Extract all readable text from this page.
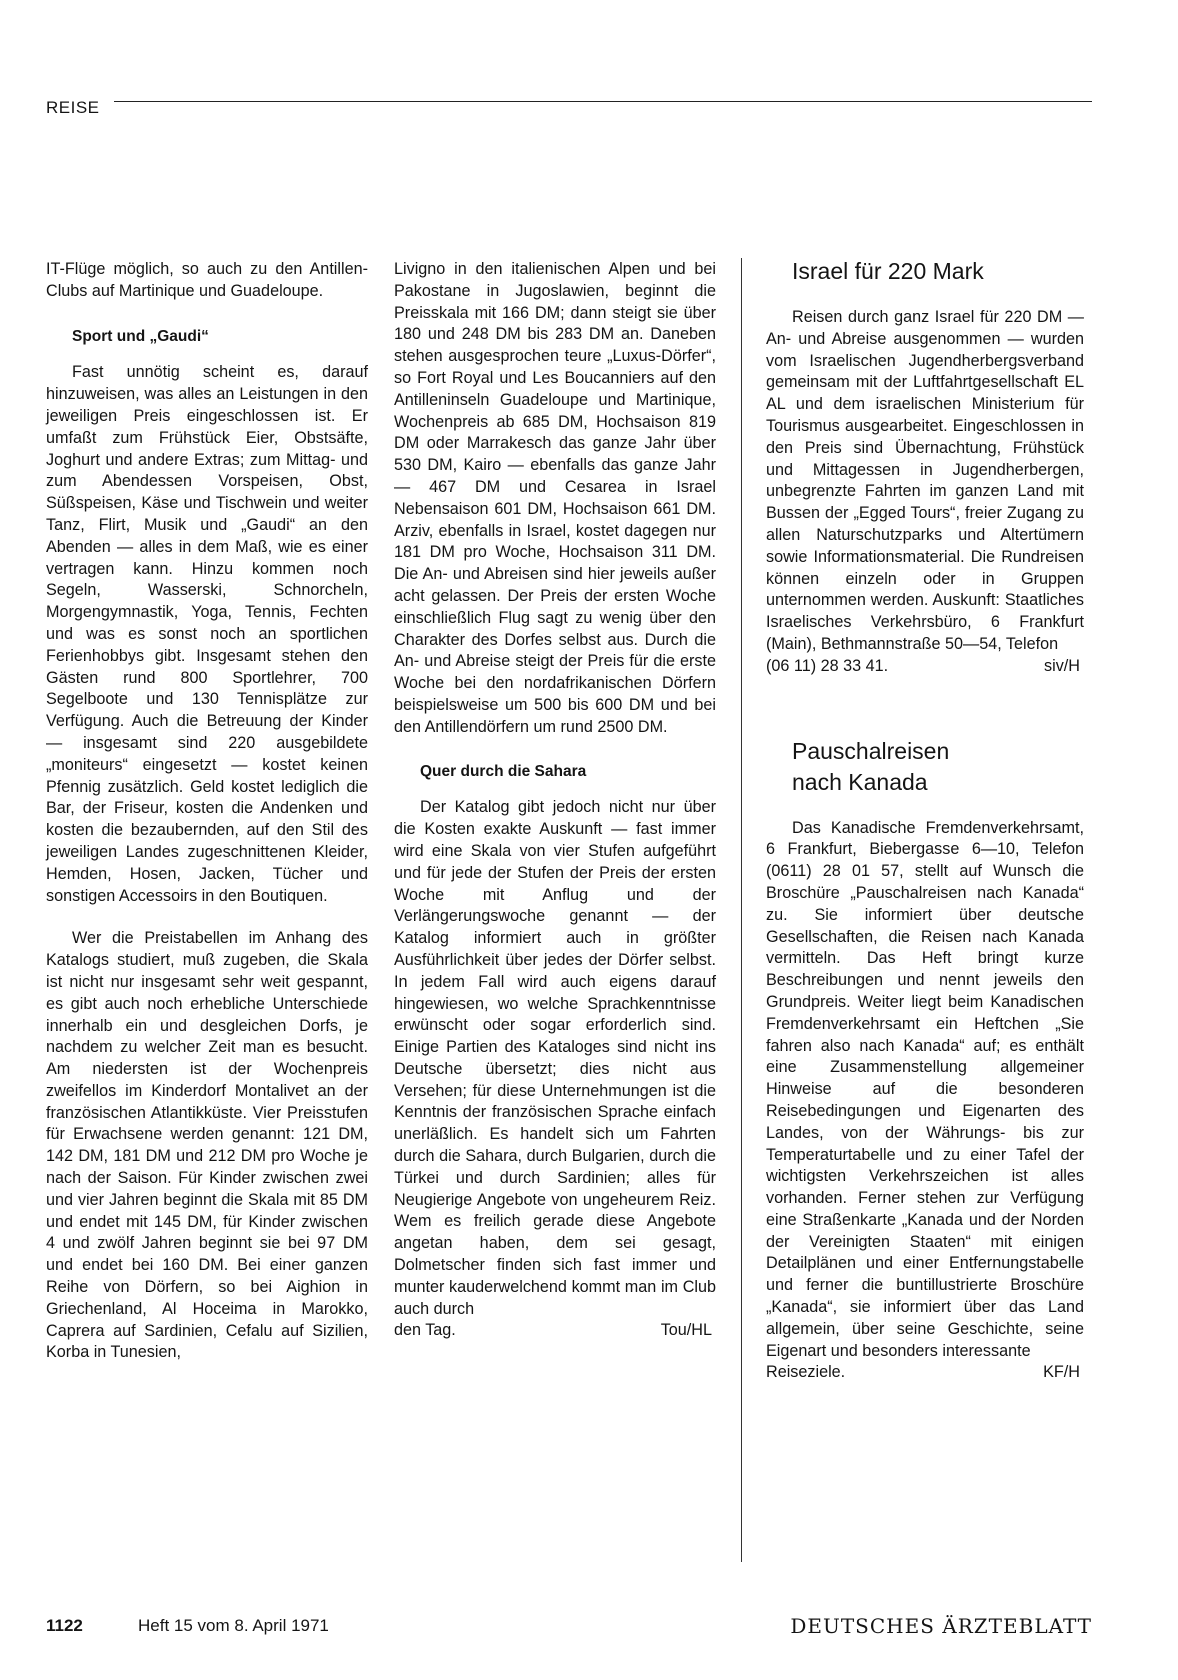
REISE

IT-Flüge möglich, so auch zu den Antillen-Clubs auf Martinique und Guadeloupe.

Sport und „Gaudi“

Fast unnötig scheint es, darauf hinzuweisen, was alles an Leistungen in den jeweiligen Preis eingeschlossen ist. Er umfaßt zum Frühstück Eier, Obstsäfte, Joghurt und andere Extras; zum Mittag- und zum Abendessen Vorspeisen, Obst, Süßspeisen, Käse und Tischwein und weiter Tanz, Flirt, Musik und „Gaudi“ an den Abenden — alles in dem Maß, wie es einer vertragen kann. Hinzu kommen noch Segeln, Wasserski, Schnorcheln, Morgengymnastik, Yoga, Tennis, Fechten und was es sonst noch an sportlichen Ferienhobbys gibt. Insgesamt stehen den Gästen rund 800 Sportlehrer, 700 Segelboote und 130 Tennisplätze zur Verfügung. Auch die Betreuung der Kinder — insgesamt sind 220 ausgebildete „moniteurs“ eingesetzt — kostet keinen Pfennig zusätzlich. Geld kostet lediglich die Bar, der Friseur, kosten die Andenken und kosten die bezaubernden, auf den Stil des jeweiligen Landes zugeschnittenen Kleider, Hemden, Hosen, Jacken, Tücher und sonstigen Accessoirs in den Boutiquen.

Wer die Preistabellen im Anhang des Katalogs studiert, muß zugeben, die Skala ist nicht nur insgesamt sehr weit gespannt, es gibt auch noch erhebliche Unterschiede innerhalb ein und desgleichen Dorfs, je nachdem zu welcher Zeit man es besucht. Am niedersten ist der Wochenpreis zweifellos im Kinderdorf Montalivet an der französischen Atlantikküste. Vier Preisstufen für Erwachsene werden genannt: 121 DM, 142 DM, 181 DM und 212 DM pro Woche je nach der Saison. Für Kinder zwischen zwei und vier Jahren beginnt die Skala mit 85 DM und endet mit 145 DM, für Kinder zwischen 4 und zwölf Jahren beginnt sie bei 97 DM und endet bei 160 DM. Bei einer ganzen Reihe von Dörfern, so bei Aighion in Griechenland, Al Hoceima in Marokko, Caprera auf Sardinien, Cefalu auf Sizilien, Korba in Tunesien,

Livigno in den italienischen Alpen und bei Pakostane in Jugoslawien, beginnt die Preisskala mit 166 DM; dann steigt sie über 180 und 248 DM bis 283 DM an. Daneben stehen ausgesprochen teure „Luxus-Dörfer“, so Fort Royal und Les Boucanniers auf den Antilleninseln Guadeloupe und Martinique, Wochenpreis ab 685 DM, Hochsaison 819 DM oder Marrakesch das ganze Jahr über 530 DM, Kairo — ebenfalls das ganze Jahr — 467 DM und Cesarea in Israel Nebensaison 601 DM, Hochsaison 661 DM. Arziv, ebenfalls in Israel, kostet dagegen nur 181 DM pro Woche, Hochsaison 311 DM. Die An- und Abreisen sind hier jeweils außer acht gelassen. Der Preis der ersten Woche einschließlich Flug sagt zu wenig über den Charakter des Dorfes selbst aus. Durch die An- und Abreise steigt der Preis für die erste Woche bei den nordafrikanischen Dörfern beispielsweise um 500 bis 600 DM und bei den Antillendörfern um rund 2500 DM.

Quer durch die Sahara

Der Katalog gibt jedoch nicht nur über die Kosten exakte Auskunft — fast immer wird eine Skala von vier Stufen aufgeführt und für jede der Stufen der Preis der ersten Woche mit Anflug und der Verlängerungswoche genannt — der Katalog informiert auch in größter Ausführlichkeit über jedes der Dörfer selbst. In jedem Fall wird auch eigens darauf hingewiesen, wo welche Sprachkenntnisse erwünscht oder sogar erforderlich sind. Einige Partien des Kataloges sind nicht ins Deutsche übersetzt; dies nicht aus Versehen; für diese Unternehmungen ist die Kenntnis der französischen Sprache einfach unerläßlich. Es handelt sich um Fahrten durch die Sahara, durch Bulgarien, durch die Türkei und durch Sardinien; alles für Neugierige Angebote von ungeheurem Reiz. Wem es freilich gerade diese Angebote angetan haben, dem sei gesagt, Dolmetscher finden sich fast immer und munter kauderwelchend kommt man im Club auch durch

den Tag.	Tou/HL
Israel für 220 Mark

Reisen durch ganz Israel für 220 DM — An- und Abreise ausgenommen — wurden vom Israelischen Jugendherbergsverband gemeinsam mit der Luftfahrtgesellschaft EL AL und dem israelischen Ministerium für Tourismus ausgearbeitet. Eingeschlossen in den Preis sind Übernachtung, Frühstück und Mittagessen in Jugendherbergen, unbegrenzte Fahrten im ganzen Land mit Bussen der „Egged Tours“, freier Zugang zu allen Naturschutzparks und Altertümern sowie Informationsmaterial. Die Rundreisen können einzeln oder in Gruppen unternommen werden. Auskunft: Staatliches Israelisches Verkehrsbüro, 6 Frankfurt (Main), Bethmannstraße 50—54, Telefon

(06 11) 28 33 41.	siv/H
Pauschalreisen
nach Kanada

Das Kanadische Fremdenverkehrsamt, 6 Frankfurt, Biebergasse 6—10, Telefon (0611) 28 01 57, stellt auf Wunsch die Broschüre „Pauschalreisen nach Kanada“ zu. Sie informiert über deutsche Gesellschaften, die Reisen nach Kanada vermitteln. Das Heft bringt kurze Beschreibungen und nennt jeweils den Grundpreis. Weiter liegt beim Kanadischen Fremdenverkehrsamt ein Heftchen „Sie fahren also nach Kanada“ auf; es enthält eine Zusammenstellung allgemeiner Hinweise auf die besonderen Reisebedingungen und Eigenarten des Landes, von der Währungs- bis zur Temperaturtabelle und zu einer Tafel der wichtigsten Verkehrszeichen ist alles vorhanden. Ferner stehen zur Verfügung eine Straßenkarte „Kanada und der Norden der Vereinigten Staaten“ mit einigen Detailplänen und einer Entfernungstabelle und ferner die buntillustrierte Broschüre „Kanada“, sie informiert über das Land allgemein, über seine Geschichte, seine Eigenart und besonders interessante

Reiseziele.	KF/H
1122	Heft 15 vom 8. April 1971	DEUTSCHES ÄRZTEBLATT
